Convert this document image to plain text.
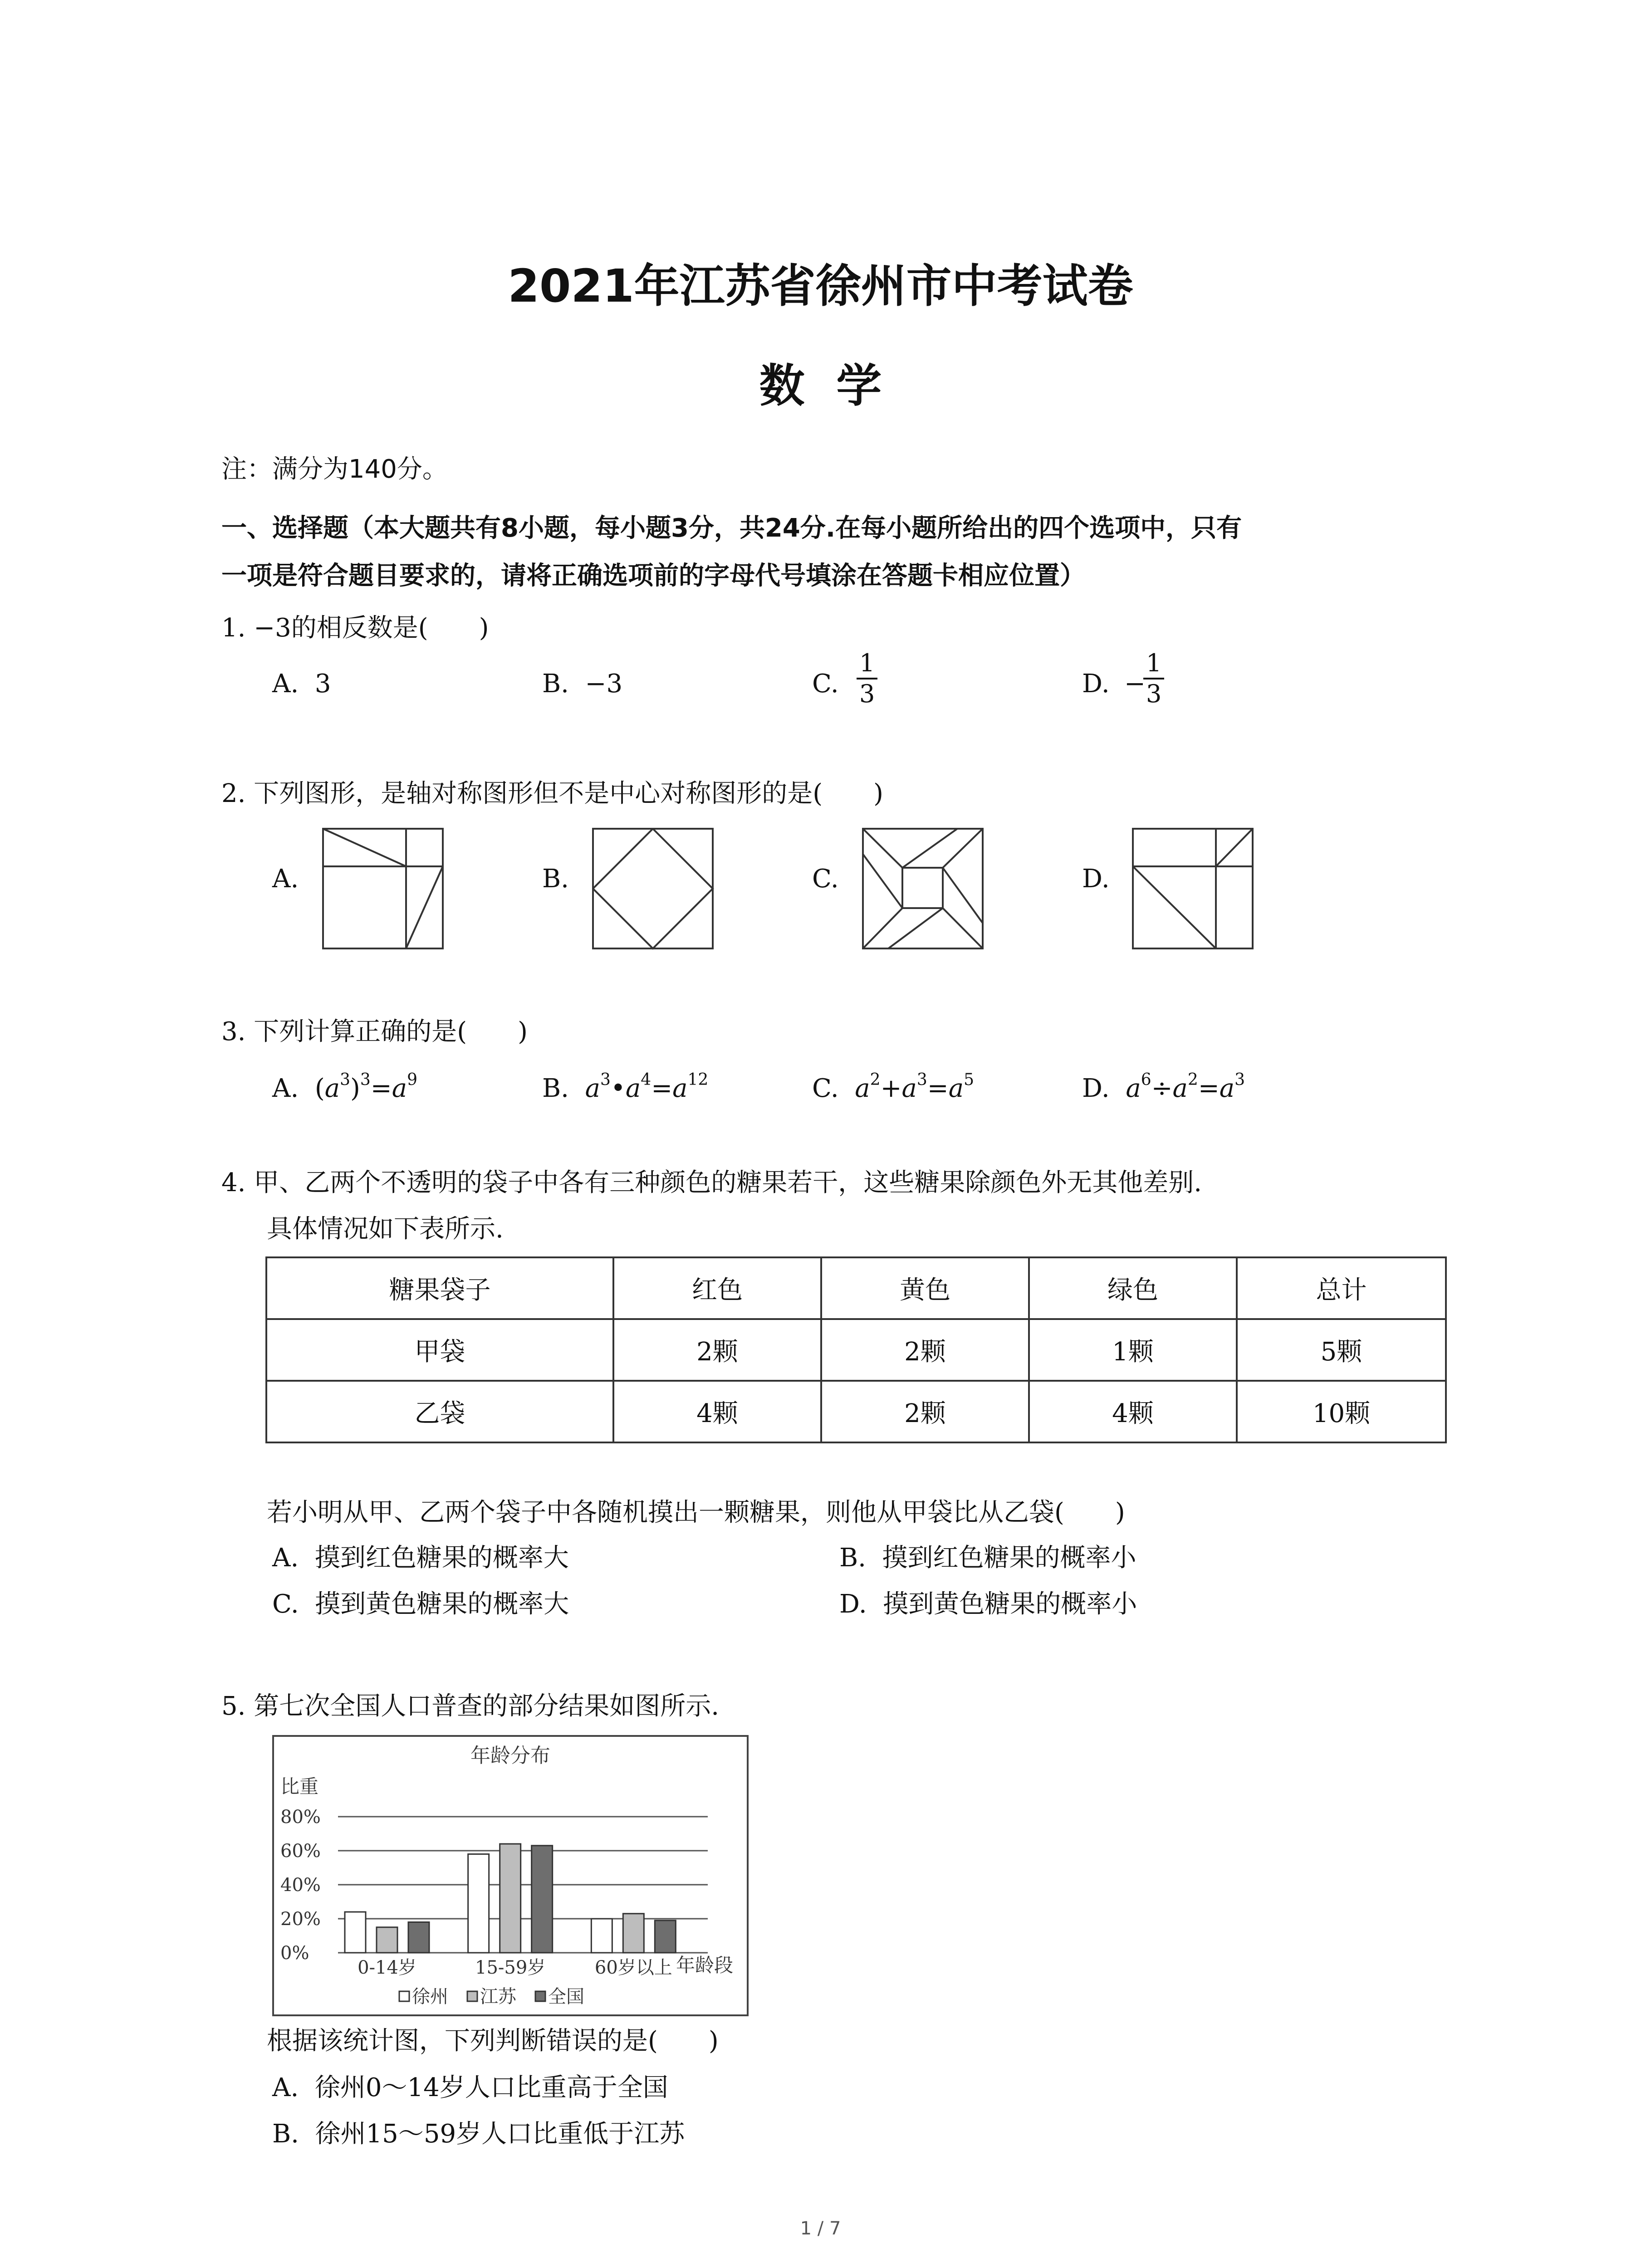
2021年江苏省徐州市中考试卷
数  学
注：满分为140分。
一、选择题（本大题共有8小题，每小题3分，共24分.在每小题所给出的四个选项中，只有
一项是符合题目要求的，请将正确选项前的字母代号填涂在答题卡相应位置）
1. −3的相反数是(　　)
A.  3	B.  −3	C. $\frac{1}{3}$	D. −
$\frac{1}{3}$
2. 下列图形，是轴对称图形但不是中心对称图形的是(　　)
A.	B.	C.	D.
3. 下列计算正确的是(　　)
A. $(a^3)^3=a^9$	B. $a^3•a^4=a^{12}$	C. $a^2+a^3=a^5$	D. $a^6\div a^2=a^3$
4. 甲、乙两个不透明的袋子中各有三种颜色的糖果若干，这些糖果除颜色外无其他差别.
具体情况如下表所示.
糖果袋子	红色	黄色	绿色	总计
甲袋	2颗	2颗	1颗	5颗
乙袋	4颗	2颗	4颗	10颗
若小明从甲、乙两个袋子中各随机摸出一颗糖果，则他从甲袋比从乙袋(　　)
A.  摸到红色糖果的概率大	B.  摸到红色糖果的概率小
C.  摸到黄色糖果的概率大	D.  摸到黄色糖果的概率小
5. 第七次全国人口普查的部分结果如图所示.
年龄分布
比重
0%
20%
40%
60%
80%
0-14岁	15-59岁	60岁以上 年龄段
徐州 江苏 全国
根据该统计图，下列判断错误的是(　　)
A.  徐州0～14岁人口比重高于全国
B.  徐州15～59岁人口比重低于江苏
1 / 7
